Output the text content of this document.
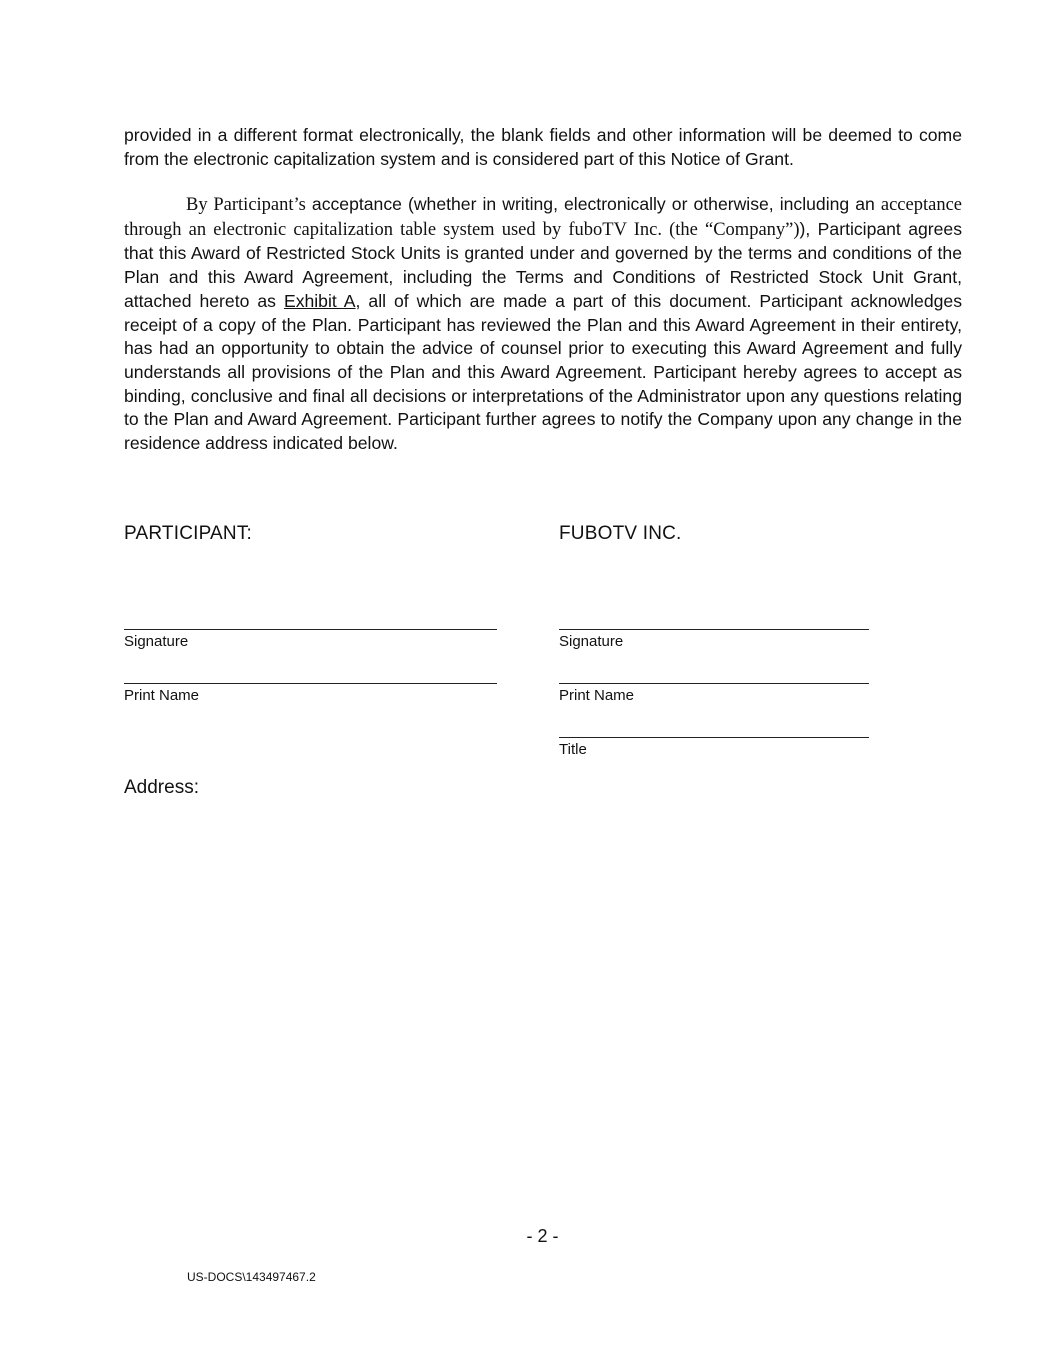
provided in a different format electronically, the blank fields and other information will be deemed to come from the electronic capitalization system and is considered part of this Notice of Grant.

By Participant’s acceptance (whether in writing, electronically or otherwise, including an acceptance through an electronic capitalization table system used by fuboTV Inc. (the “Company”)), Participant agrees that this Award of Restricted Stock Units is granted under and governed by the terms and conditions of the Plan and this Award Agreement, including the Terms and Conditions of Restricted Stock Unit Grant, attached hereto as Exhibit A, all of which are made a part of this document. Participant acknowledges receipt of a copy of the Plan. Participant has reviewed the Plan and this Award Agreement in their entirety, has had an opportunity to obtain the advice of counsel prior to executing this Award Agreement and fully understands all provisions of the Plan and this Award Agreement. Participant hereby agrees to accept as binding, conclusive and final all decisions or interpretations of the Administrator upon any questions relating to the Plan and Award Agreement. Participant further agrees to notify the Company upon any change in the residence address indicated below.

PARTICIPANT:

Signature

Print Name

FUBOTV INC.

Signature

Print Name

Title

Address:

- 2 -

US-DOCS\143497467.2
